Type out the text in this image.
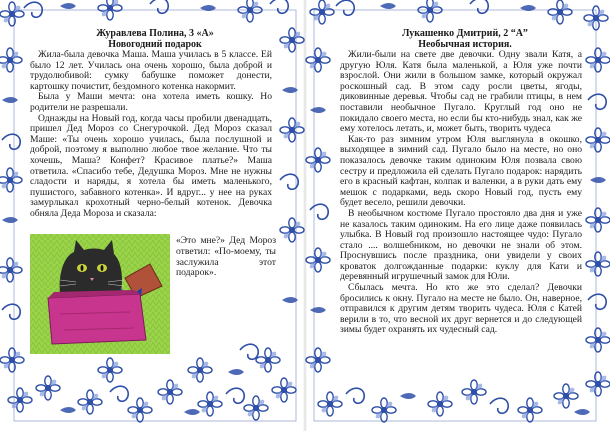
Журавлева Полина, 3 «А»

Новогодний подарок

Жила-была девочка Маша. Маша училась в 5 классе. Ей было 12 лет. Училась она очень хорошо, была доброй и трудолюбивой: сумку бабушке поможет донести, картошку почистит, бездомного котенка накормит.

Была у Маши мечта: она хотела иметь кошку. Но родители не разрешали.

Однажды на Новый год, когда часы пробили двенадцать, пришел Дед Мороз со Снегурочкой. Дед Мороз сказал Маше: «Ты очень хорошо училась, была послушной и доброй, поэтому я выполню любое твое желание. Что ты хочешь, Маша? Конфет? Красивое платье?» Маша ответила. «Спасибо тебе, Дедушка Мороз. Мне не нужны сладости и наряды, я хотела бы иметь маленького, пушистого, забавного котенка». И вдруг... у нее на руках замурлыкал крохотный черно-белый котенок. Девочка обняла Деда Мороза и сказала:

«Это мне?» Дед Мороз ответил: «По-моему, ты заслужила этот подарок».

Лукашенко Дмитрий, 2 “А”

Необычная история.

Жили-были на свете две девочки. Одну звали Катя, а другую Юля. Катя была маленькой, а Юля уже почти взрослой. Они жили в большом замке, который окружал роскошный сад. В этом саду росли цветы, ягоды, диковинные деревья. Чтобы сад не грабили птицы, в нем поставили необычное Пугало. Круглый год оно не покидало своего места, но если бы кто-нибудь знал, как же ему хотелось летать, и, может быть, творить чудеса

Как-то раз зимним утром Юля выглянула в окошко, выходящее в зимний сад. Пугало было на месте, но оно показалось девочке таким одиноким Юля позвала свою сестру и предложила ей сделать Пугало подарок: нарядить его в красный кафтан, колпак и валенки, а в руки дать ему мешок с подарками, ведь скоро Новый год, пусть ему будет весело, решили девочки.

В необычном костюме Пугало простояло два дня и уже не казалось таким одиноким. На его лице даже появилась улыбка. В Новый год произошло настоящее чудо: Пугало стало .... волшебником, но девочки не знали об этом. Проснувшись после праздника, они увидели у своих кроваток долгожданные подарки: куклу для Кати и деревянный игрушечный замок для Юли.

Сбылась мечта. Но кто же это сделал? Девочки бросились к окну. Пугало на месте не было. Он, наверное, отправился к другим детям творить чудеса. Юля с Катей верили в то, что весной их друг вернется и до следующей зимы будет охранять их чудесный сад.
